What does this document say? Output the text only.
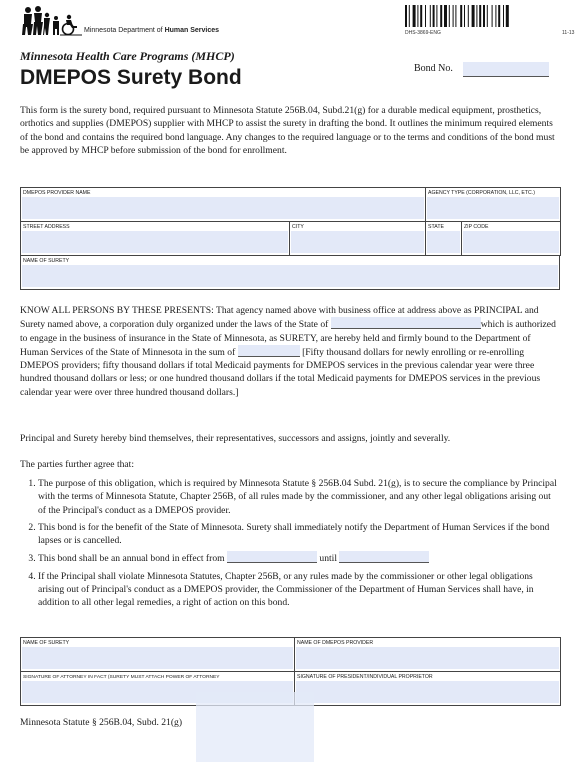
Minnesota Department of Human Services	DHS-3869-ENG	11-13
Minnesota Health Care Programs (MHCP)
DMEPOS Surety Bond	Bond No.

This form is the surety bond, required pursuant to Minnesota Statute 256B.04, Subd.21(g) for a durable medical equipment, prosthetics, orthotics and supplies (DMEPOS) supplier with MHCP to assist the surety in drafting the bond. It outlines the minimum required elements of the bond and contains the required bond language. Any changes to the required language or to the terms and conditions of the bond must be approved by MHCP before submission of the bond for enrollment.

DMEPOS PROVIDER NAME	AGENCY TYPE (CORPORATION, LLC, ETC.)
STREET ADDRESS	CITY	STATE	ZIP CODE
NAME OF SURETY

KNOW ALL PERSONS BY THESE PRESENTS: That agency named above with business office at address above as PRINCIPAL and Surety named above, a corporation duly organized under the laws of the State of	which is authorized to engage in the business of insurance in the State of Minnesota, as SURETY, are hereby held and firmly bound to the Department of Human Services of the State of Minnesota in the sum of	[Fifty thousand dollars for newly enrolling or re-enrolling DMEPOS providers; fifty thousand dollars if total Medicaid payments for DMEPOS services in the previous calendar year were three hundred thousand dollars or less; or one hundred thousand dollars if the total Medicaid payments for DMEPOS services in the previous calendar year were over three hundred thousand dollars.]

Principal and Surety hereby bind themselves, their representatives, successors and assigns, jointly and severally.

The parties further agree that:

1. The purpose of this obligation, which is required by Minnesota Statute § 256B.04 Subd. 21(g), is to secure the compliance by Principal with the terms of Minnesota Statute, Chapter 256B, of all rules made by the commissioner, and any other legal obligations arising out of the Principal's conduct as a DMEPOS provider.
2. This bond is for the benefit of the State of Minnesota. Surety shall immediately notify the Department of Human Services if the bond lapses or is cancelled.
3. This bond shall be an annual bond in effect from	until
4. If the Principal shall violate Minnesota Statutes, Chapter 256B, or any rules made by the commissioner or other legal obligations arising out of Principal's conduct as a DMEPOS provider, the Commissioner of the Department of Human Services shall have, in addition to all other legal remedies, a right of action on this bond.
NAME OF SURETY	NAME OF DMEPOS PROVIDER

SIGNATURE OF ATTORNEY IN FACT (SURETY MUST ATTACH POWER OF ATTORNEY	SIGNATURE OF PRESIDENT/INDIVIDUAL PROPRIETOR
Minnesota Statute § 256B.04, Subd. 21(g)
